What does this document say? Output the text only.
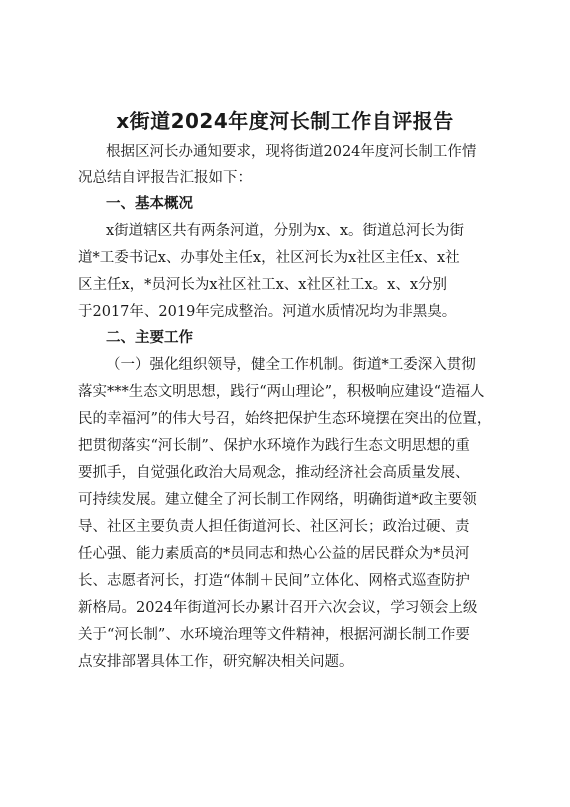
x街道2024年度河长制工作自评报告
根据区河长办通知要求，现将街道2024年度河长制工作情
况总结自评报告汇报如下：
一、基本概况
x街道辖区共有两条河道，分别为x、x。街道总河长为街
道*工委书记x、办事处主任x，社区河长为x社区主任x、x社
区主任x，*员河长为x社区社工x、x社区社工x。x、x分别
于2017年、2019年完成整治。河道水质情况均为非黑臭。
二、主要工作
（一）强化组织领导，健全工作机制。街道*工委深入贯彻
落实***生态文明思想，践行“两山理论”，积极响应建设“造福人
民的幸福河”的伟大号召，始终把保护生态环境摆在突出的位置，
把贯彻落实“河长制”、保护水环境作为践行生态文明思想的重
要抓手，自觉强化政治大局观念，推动经济社会高质量发展、
可持续发展。建立健全了河长制工作网络，明确街道*政主要领
导、社区主要负责人担任街道河长、社区河长；政治过硬、责
任心强、能力素质高的*员同志和热心公益的居民群众为*员河
长、志愿者河长，打造“体制＋民间”立体化、网格式巡查防护
新格局。2024年街道河长办累计召开六次会议，学习领会上级
关于“河长制”、水环境治理等文件精神，根据河湖长制工作要
点安排部署具体工作，研究解决相关问题。
